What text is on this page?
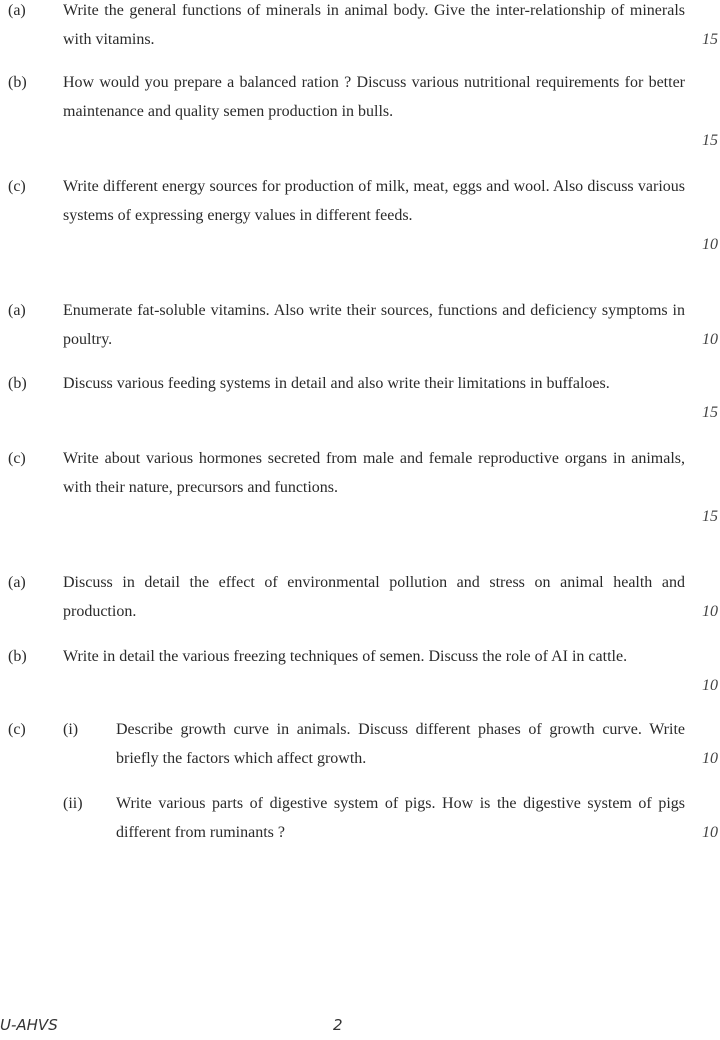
(a) Write the general functions of minerals in animal body. Give the inter-relationship of minerals with vitamins.	15
(b) How would you prepare a balanced ration ? Discuss various nutritional requirements for better maintenance and quality semen production in bulls.
15
(c) Write different energy sources for production of milk, meat, eggs and wool. Also discuss various systems of expressing energy values in different feeds.
10
(a) Enumerate fat-soluble vitamins. Also write their sources, functions and deficiency symptoms in poultry.	10
(b) Discuss various feeding systems in detail and also write their limitations in buffaloes.
15
(c) Write about various hormones secreted from male and female reproductive organs in animals, with their nature, precursors and functions.
15
(a) Discuss in detail the effect of environmental pollution and stress on animal health and production.	10
(b) Write in detail the various freezing techniques of semen. Discuss the role of AI in cattle.
10
(c) (i) Describe growth curve in animals. Discuss different phases of growth curve. Write briefly the factors which affect growth.	10
(ii) Write various parts of digestive system of pigs. How is the digestive system of pigs different from ruminants ?	10
U-AHVS	2
